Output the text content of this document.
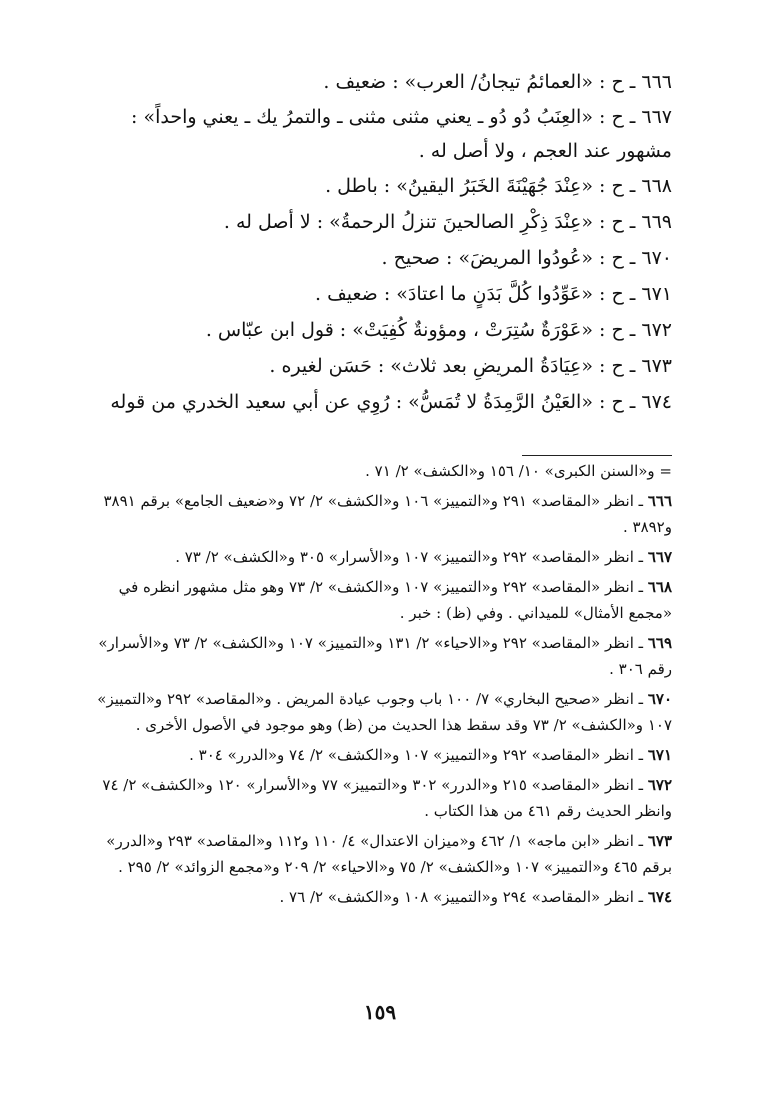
٦٦٦ ـ ح : «العمائمُ تيجانُ/ العرب» : ضعيف .

٦٦٧ ـ ح : «العِنَبُ دُو دُو ـ يعني مثنى مثنى ـ والتمرُ يك ـ يعني واحداً» : مشهور عند العجم ، ولا أصل له .

٦٦٨ ـ ح : «عِنْدَ جُهَيْنَةَ الخَبَرُ اليقينُ» : باطل .

٦٦٩ ـ ح : «عِنْدَ ذِكْرِ الصالحينَ تنزلُ الرحمةُ» : لا أصل له .

٦٧٠ ـ ح : «عُودُوا المريضَ» : صحيح .

٦٧١ ـ ح : «عَوِّدُوا كُلَّ بَدَنٍ ما اعتادَ» : ضعيف .

٦٧٢ ـ ح : «عَوْرَةٌ سُتِرَتْ ، ومؤونةٌ كُفِيَتْ» : قول ابن عبّاس .

٦٧٣ ـ ح : «عِيَادَةُ المريضِ بعد ثلاث» : حَسَن لغيره .

٦٧٤ ـ ح : «العَيْنُ الرَّمِدَةُ لا تُمَسُّ» : رُوِي عن أبي سعيد الخدري من قوله

= و«السنن الكبرى» ١٠/ ١٥٦ و«الكشف» ٢/ ٧١ .

٦٦٦ ـ انظر «المقاصد» ٢٩١ و«التمييز» ١٠٦ و«الكشف» ٢/ ٧٢ و«ضعيف الجامع» برقم ٣٨٩١ و٣٨٩٢ .

٦٦٧ ـ انظر «المقاصد» ٢٩٢ و«التمييز» ١٠٧ و«الأسرار» ٣٠٥ و«الكشف» ٢/ ٧٣ .

٦٦٨ ـ انظر «المقاصد» ٢٩٢ و«التمييز» ١٠٧ و«الكشف» ٢/ ٧٣ وهو مثل مشهور انظره في «مجمع الأمثال» للميداني . وفي (ظ) : خبر .

٦٦٩ ـ انظر «المقاصد» ٢٩٢ و«الاحياء» ٢/ ١٣١ و«التمييز» ١٠٧ و«الكشف» ٢/ ٧٣ و«الأسرار» رقم ٣٠٦ .

٦٧٠ ـ انظر «صحيح البخاري» ٧/ ١٠٠ باب وجوب عيادة المريض . و«المقاصد» ٢٩٢ و«التمييز» ١٠٧ و«الكشف» ٢/ ٧٣ وقد سقط هذا الحديث من (ظ) وهو موجود في الأصول الأخرى .

٦٧١ ـ انظر «المقاصد» ٢٩٢ و«التمييز» ١٠٧ و«الكشف» ٢/ ٧٤ و«الدرر» ٣٠٤ .

٦٧٢ ـ انظر «المقاصد» ٢١٥ و«الدرر» ٣٠٢ و«التمييز» ٧٧ و«الأسرار» ١٢٠ و«الكشف» ٢/ ٧٤ وانظر الحديث رقم ٤٦١ من هذا الكتاب .

٦٧٣ ـ انظر «ابن ماجه» ١/ ٤٦٢ و«ميزان الاعتدال» ٤/ ١١٠ و١١٢ و«المقاصد» ٢٩٣ و«الدرر» برقم ٤٦٥ و«التمييز» ١٠٧ و«الكشف» ٢/ ٧٥ و«الاحياء» ٢/ ٢٠٩ و«مجمع الزوائد» ٢/ ٢٩٥ .

٦٧٤ ـ انظر «المقاصد» ٢٩٤ و«التمييز» ١٠٨ و«الكشف» ٢/ ٧٦ .

١٥٩
